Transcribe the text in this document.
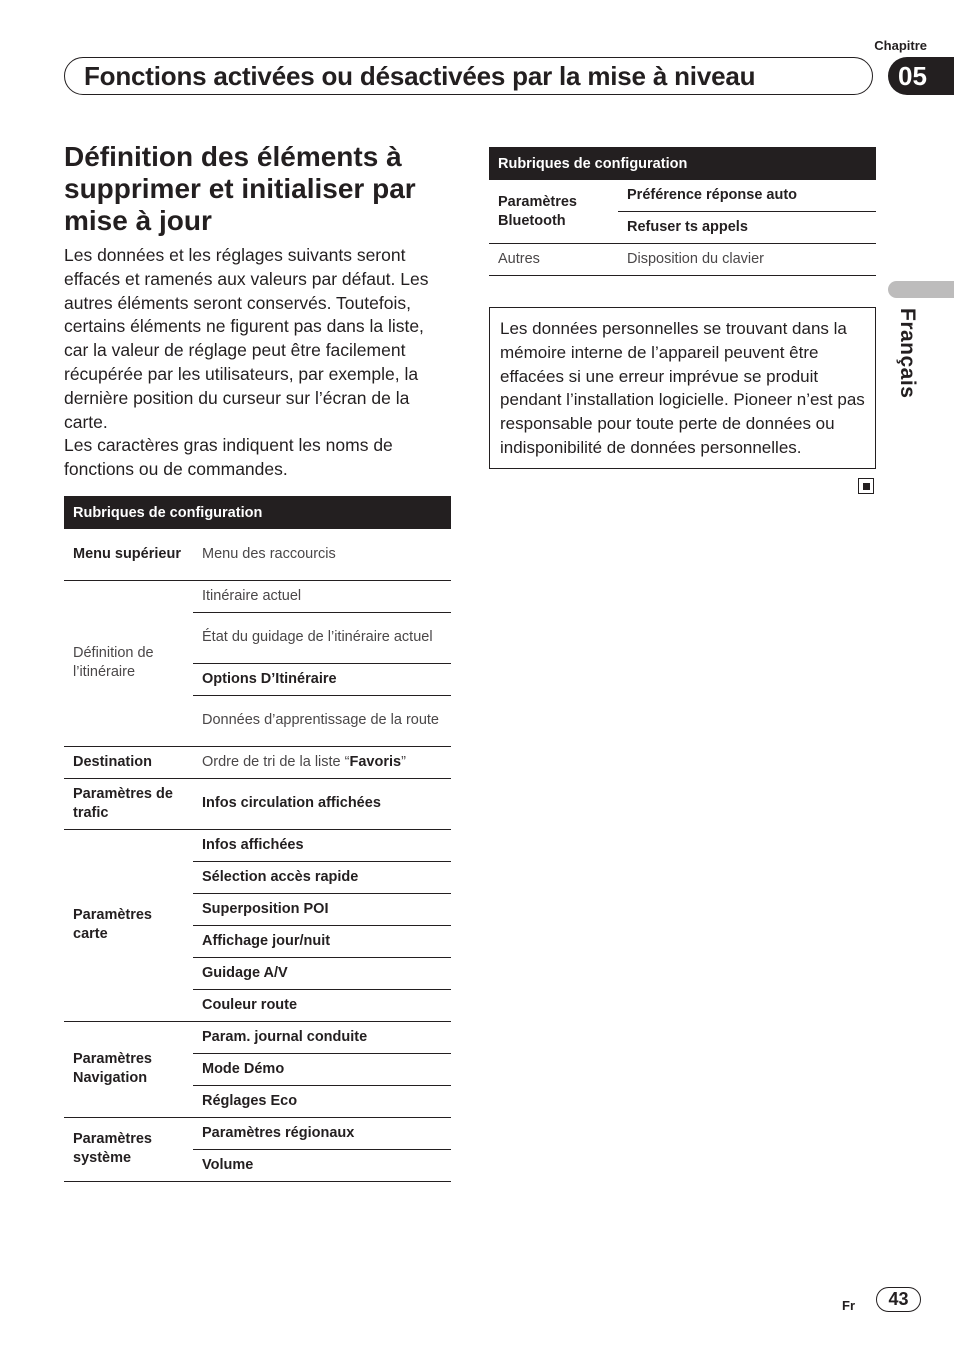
Chapitre
Fonctions activées ou désactivées par la mise à niveau	05
Français
Définition des éléments à supprimer et initialiser par mise à jour

Les données et les réglages suivants seront effacés et ramenés aux valeurs par défaut. Les autres éléments seront conservés. Toutefois, certains éléments ne figurent pas dans la liste, car la valeur de réglage peut être facilement récupérée par les utilisateurs, par exemple, la dernière position du curseur sur l’écran de la carte.

Les caractères gras indiquent les noms de fonctions ou de commandes.

Rubriques de configuration	
Menu supérieur	Menu des raccourcis
Définition de l’itinéraire	Itinéraire actuel
	État du guidage de l’itinéraire actuel
	Options D’Itinéraire
	Données d’apprentissage de la route
Destination	Ordre de tri de la liste “Favoris”
Paramètres de trafic	Infos circulation affichées
Paramètres carte	Infos affichées
	Sélection accès rapide
	Superposition POI
	Affichage jour/nuit
	Guidage A/V
	Couleur route
Paramètres Navigation	Param. journal conduite
	Mode Démo
	Réglages Eco
Paramètres système	Paramètres régionaux
	Volume
Rubriques de configuration	
Paramètres Bluetooth	Préférence réponse auto
	Refuser ts appels
Autres	Disposition du clavier
Les données personnelles se trouvant dans la mémoire interne de l’appareil peuvent être effacées si une erreur imprévue se produit pendant l’installation logicielle. Pioneer n’est pas responsable pour toute perte de données ou indisponibilité de données personnelles.
Fr	43
